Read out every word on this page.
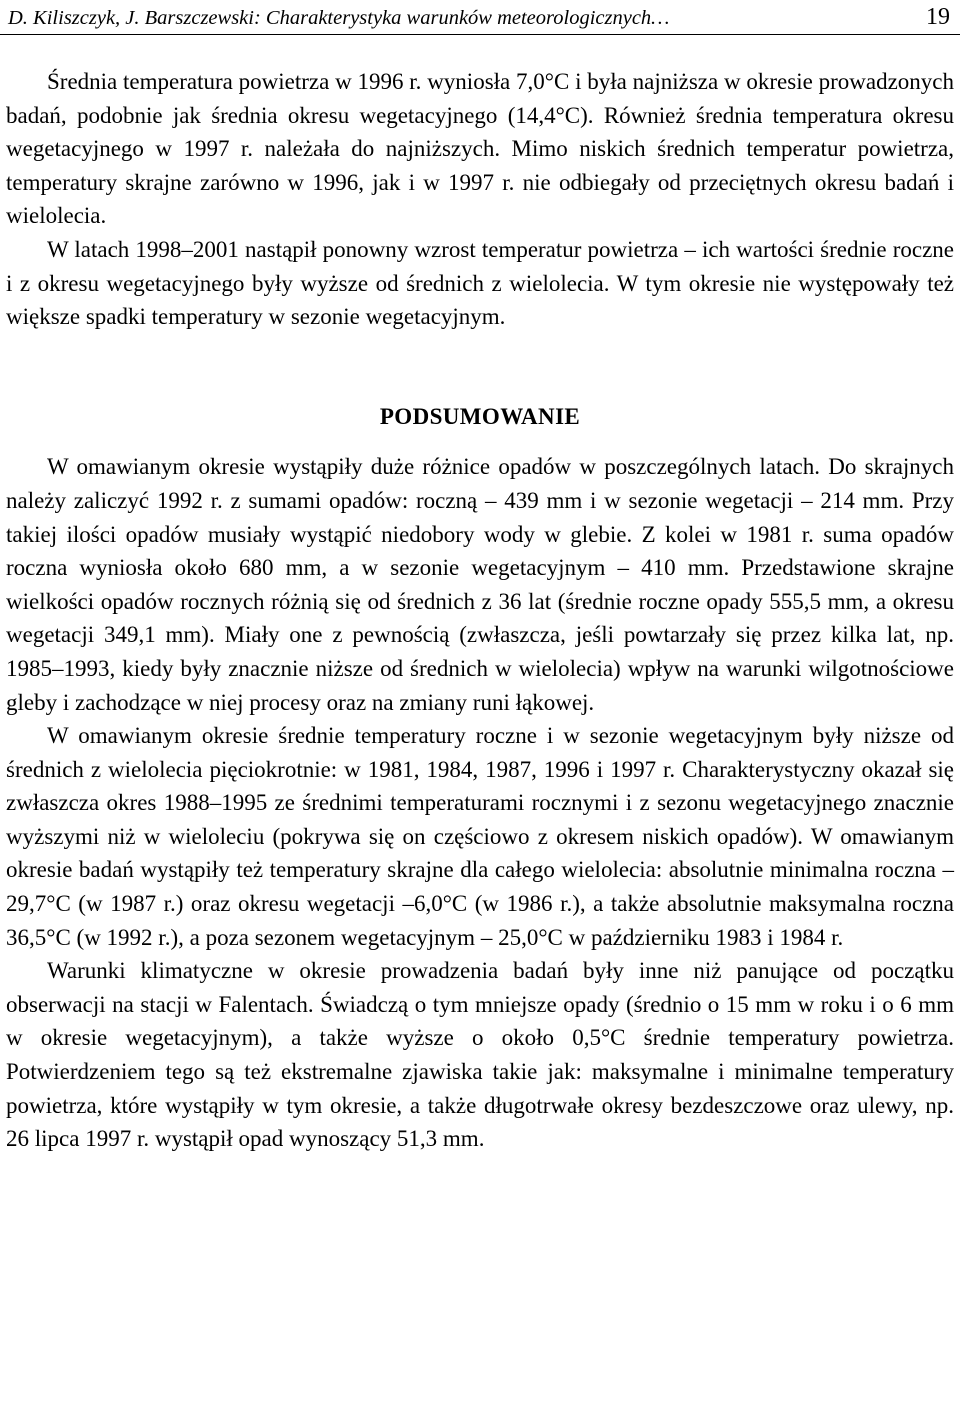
D. Kiliszczyk, J. Barszczewski: Charakterystyka warunków meteorologicznych…	19

Średnia temperatura powietrza w 1996 r. wyniosła 7,0°C i była najniższa w okresie prowadzonych badań, podobnie jak średnia okresu wegetacyjnego (14,4°C). Również średnia temperatura okresu wegetacyjnego w 1997 r. należała do najniższych. Mimo niskich średnich temperatur powietrza, temperatury skrajne zarówno w 1996, jak i w 1997 r. nie odbiegały od przeciętnych okresu badań i wielolecia.

W latach 1998–2001 nastąpił ponowny wzrost temperatur powietrza – ich wartości średnie roczne i z okresu wegetacyjnego były wyższe od średnich z wielolecia. W tym okresie nie występowały też większe spadki temperatury w sezonie wegetacyjnym.

PODSUMOWANIE

W omawianym okresie wystąpiły duże różnice opadów w poszczególnych latach. Do skrajnych należy zaliczyć 1992 r. z sumami opadów: roczną – 439 mm i w sezonie wegetacji – 214 mm. Przy takiej ilości opadów musiały wystąpić niedobory wody w glebie. Z kolei w 1981 r. suma opadów roczna wyniosła około 680 mm, a w sezonie wegetacyjnym – 410 mm. Przedstawione skrajne wielkości opadów rocznych różnią się od średnich z 36 lat (średnie roczne opady 555,5 mm, a okresu wegetacji 349,1 mm). Miały one z pewnością (zwłaszcza, jeśli powtarzały się przez kilka lat, np. 1985–1993, kiedy były znacznie niższe od średnich w wielolecia) wpływ na warunki wilgotnościowe gleby i zachodzące w niej procesy oraz na zmiany runi łąkowej.

W omawianym okresie średnie temperatury roczne i w sezonie wegetacyjnym były niższe od średnich z wielolecia pięciokrotnie: w 1981, 1984, 1987, 1996 i 1997 r. Charakterystyczny okazał się zwłaszcza okres 1988–1995 ze średnimi temperaturami rocznymi i z sezonu wegetacyjnego znacznie wyższymi niż w wieloleciu (pokrywa się on częściowo z okresem niskich opadów). W omawianym okresie badań wystąpiły też temperatury skrajne dla całego wielolecia: absolutnie minimalna roczna –29,7°C (w 1987 r.) oraz okresu wegetacji –6,0°C (w 1986 r.), a także absolutnie maksymalna roczna 36,5°C (w 1992 r.), a poza sezonem wegetacyjnym – 25,0°C w październiku 1983 i 1984 r.

Warunki klimatyczne w okresie prowadzenia badań były inne niż panujące od początku obserwacji na stacji w Falentach. Świadczą o tym mniejsze opady (średnio o 15 mm w roku i o 6 mm w okresie wegetacyjnym), a także wyższe o około 0,5°C średnie temperatury powietrza. Potwierdzeniem tego są też ekstremalne zjawiska takie jak: maksymalne i minimalne temperatury powietrza, które wystąpiły w tym okresie, a także długotrwałe okresy bezdeszczowe oraz ulewy, np. 26 lipca 1997 r. wystąpił opad wynoszący 51,3 mm.
